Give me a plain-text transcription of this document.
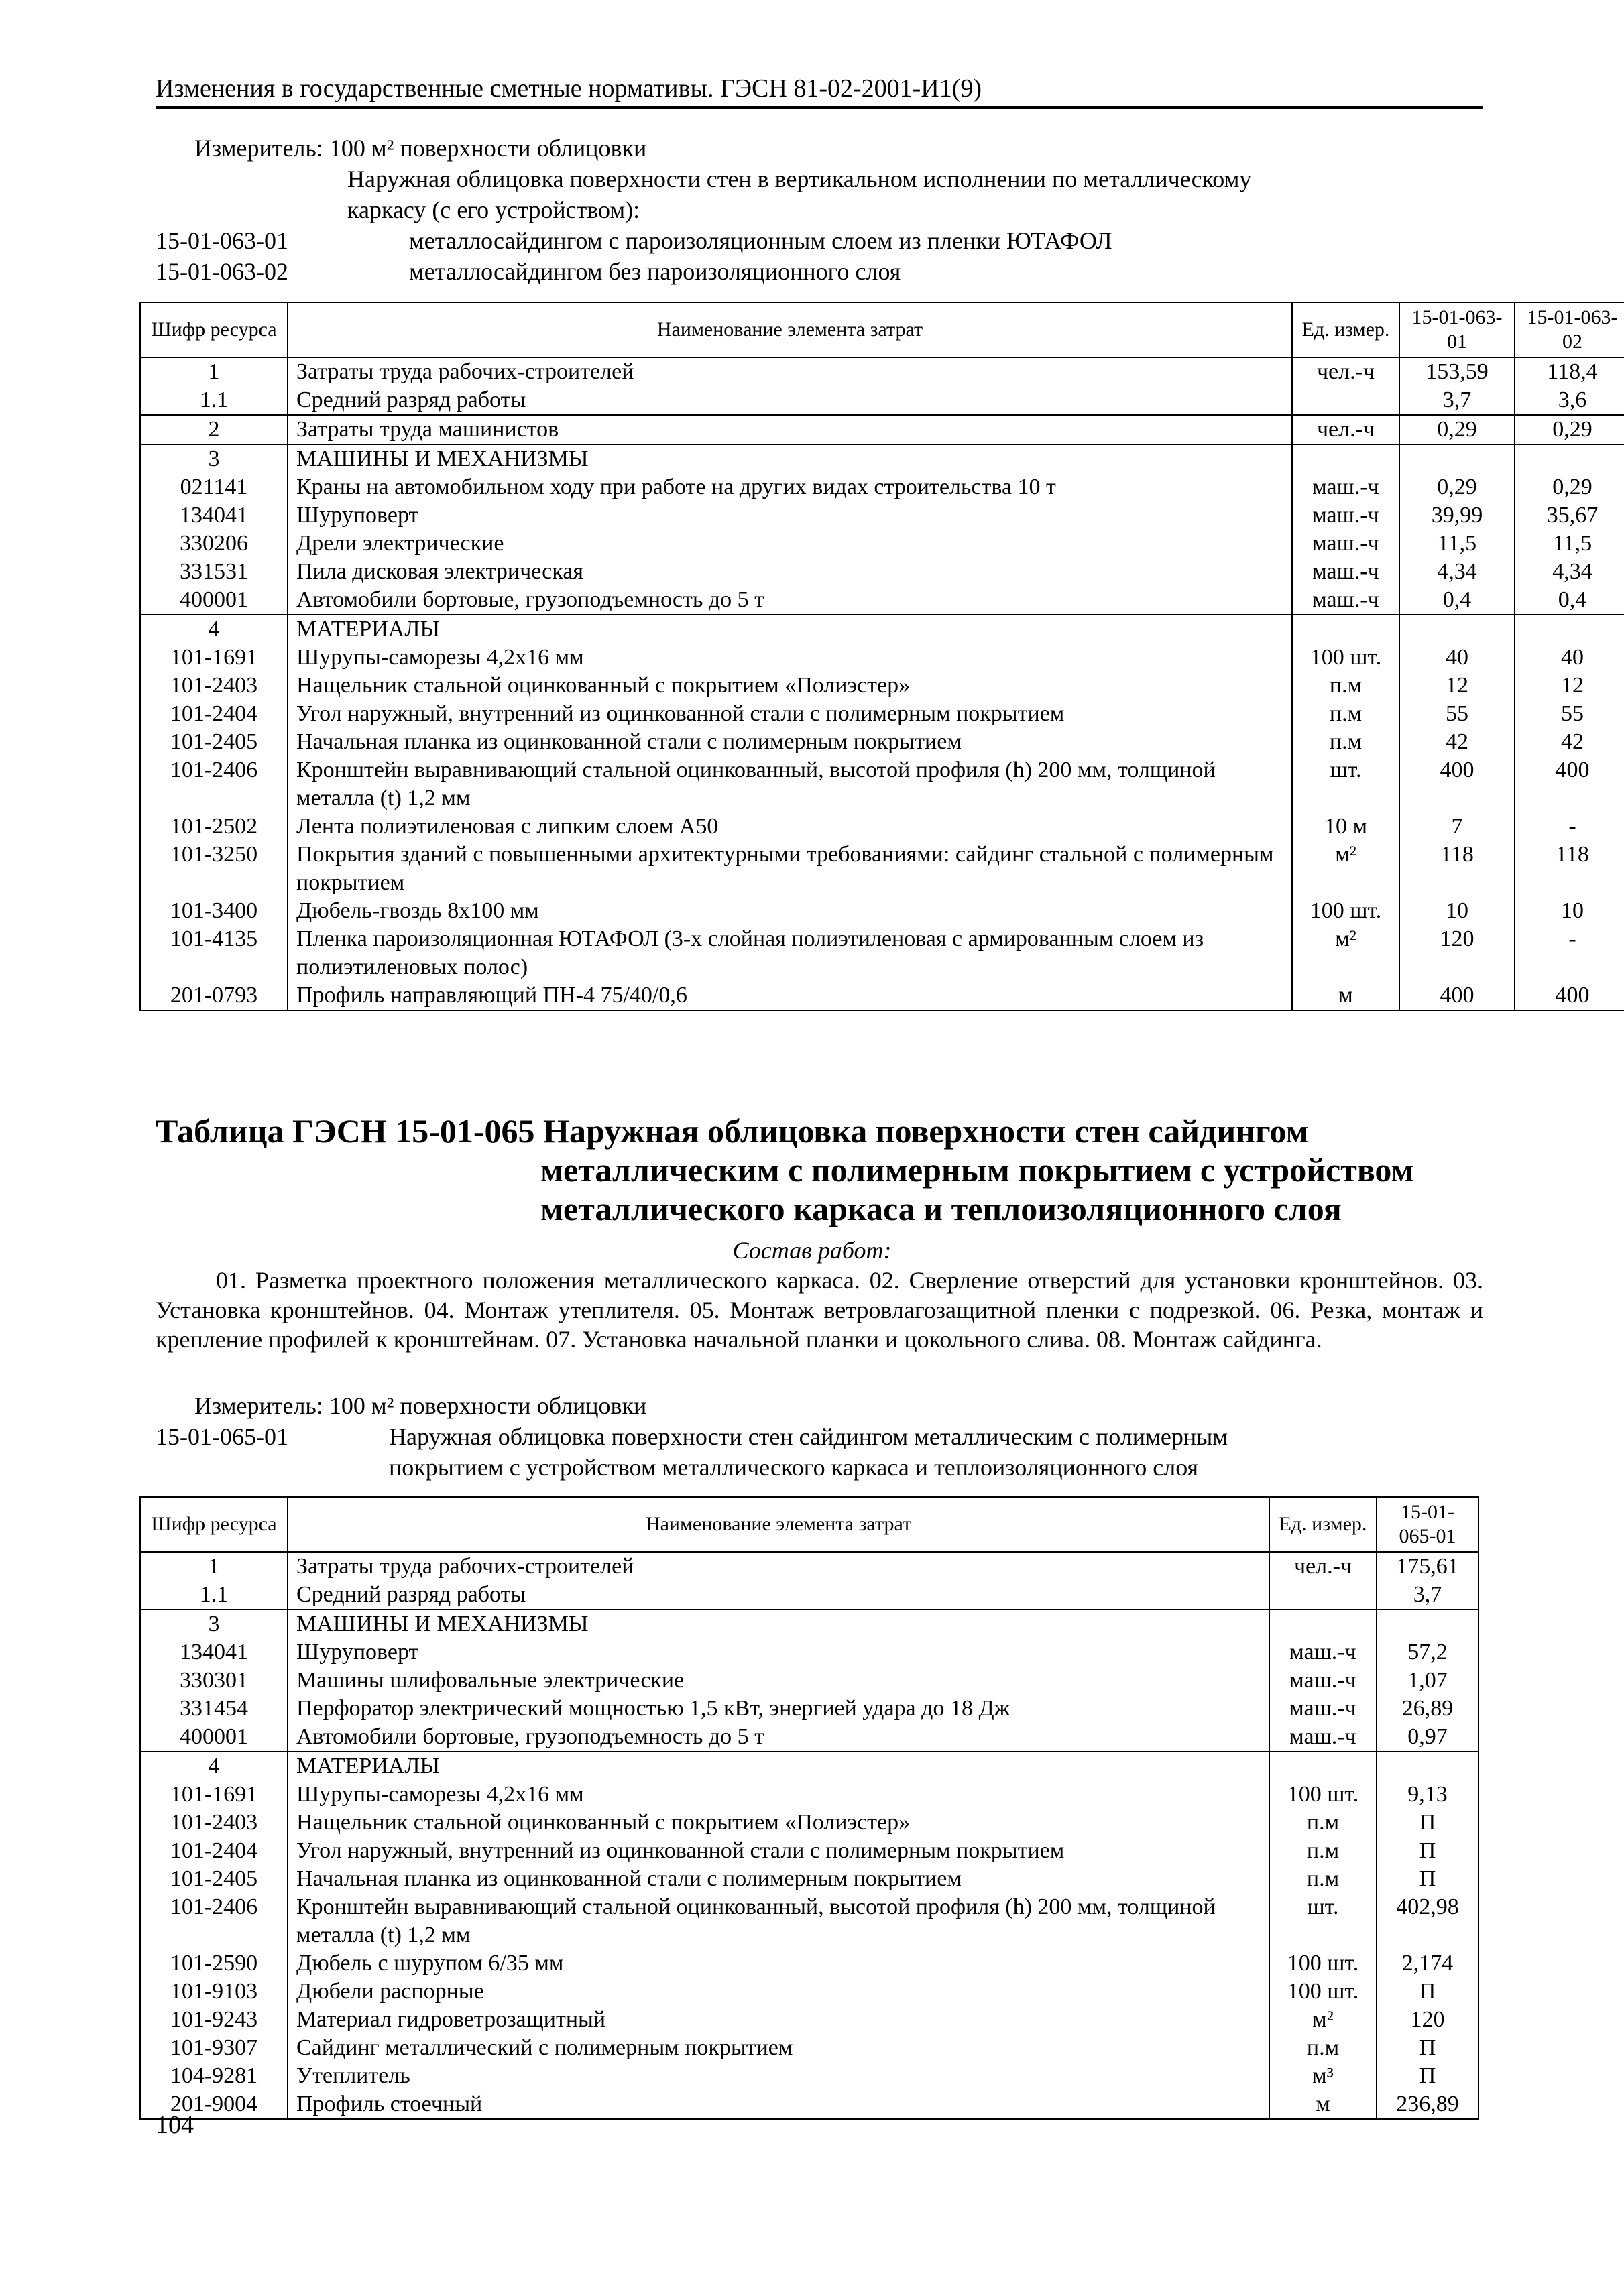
Изменения в государственные сметные нормативы. ГЭСН 81-02-2001-И1(9)
Измеритель: 100 м² поверхности облицовки
Наружная облицовка поверхности стен в вертикальном исполнении по металлическому
каркасу (с его устройством):
15-01-063-01	металлосайдингом с пароизоляционным слоем из пленки ЮТАФОЛ
15-01-063-02	металлосайдингом без пароизоляционного слоя
Шифр ресурса	Наименование элемента затрат	Ед. измер.	15-01-063-01	15-01-063-02
1	Затраты труда рабочих-строителей	чел.-ч	153,59	118,4
1.1	Средний разряд работы		3,7	3,6
2	Затраты труда машинистов	чел.-ч	0,29	0,29
3	МАШИНЫ И МЕХАНИЗМЫ			
021141	Краны на автомобильном ходу при работе на других видах строительства 10 т	маш.-ч	0,29	0,29
134041	Шуруповерт	маш.-ч	39,99	35,67
330206	Дрели электрические	маш.-ч	11,5	11,5
331531	Пила дисковая электрическая	маш.-ч	4,34	4,34
400001	Автомобили бортовые, грузоподъемность до 5 т	маш.-ч	0,4	0,4
4	МАТЕРИАЛЫ			
101-1691	Шурупы-саморезы 4,2x16 мм	100 шт.	40	40
101-2403	Нащельник стальной оцинкованный с покрытием «Полиэстер»	п.м	12	12
101-2404	Угол наружный, внутренний из оцинкованной стали с полимерным покрытием	п.м	55	55
101-2405	Начальная планка из оцинкованной стали с полимерным покрытием	п.м	42	42
101-2406	Кронштейн выравнивающий стальной оцинкованный, высотой профиля (h) 200 мм, толщиной металла (t) 1,2 мм	шт.	400	400
101-2502	Лента полиэтиленовая с липким слоем А50	10 м	7	-
101-3250	Покрытия зданий с повышенными архитектурными требованиями: сайдинг стальной с полимерным покрытием	м²	118	118
101-3400	Дюбель-гвоздь 8x100 мм	100 шт.	10	10
101-4135	Пленка пароизоляционная ЮТАФОЛ (3-х слойная полиэтиленовая с армированным слоем из полиэтиленовых полос)	м²	120	-
201-0793	Профиль направляющий ПН-4 75/40/0,6	м	400	400
Таблица ГЭСН 15-01-065 Наружная облицовка поверхности стен сайдингом
металлическим с полимерным покрытием с устройством
металлического каркаса и теплоизоляционного слоя
Состав работ:
01. Разметка проектного положения металлического каркаса. 02. Сверление отверстий для установки кронштейнов. 03. Установка кронштейнов. 04. Монтаж утеплителя. 05. Монтаж ветровлагозащитной пленки с подрезкой. 06. Резка, монтаж и крепление профилей к кронштейнам. 07. Установка начальной планки и цокольного слива. 08. Монтаж сайдинга.
Измеритель: 100 м² поверхности облицовки
15-01-065-01	Наружная облицовка поверхности стен сайдингом металлическим с полимерным
покрытием с устройством металлического каркаса и теплоизоляционного слоя
Шифр ресурса	Наименование элемента затрат	Ед. измер.	15-01-065-01
1	Затраты труда рабочих-строителей	чел.-ч	175,61
1.1	Средний разряд работы		3,7
3	МАШИНЫ И МЕХАНИЗМЫ		
134041	Шуруповерт	маш.-ч	57,2
330301	Машины шлифовальные электрические	маш.-ч	1,07
331454	Перфоратор электрический мощностью 1,5 кВт, энергией удара до 18 Дж	маш.-ч	26,89
400001	Автомобили бортовые, грузоподъемность до 5 т	маш.-ч	0,97
4	МАТЕРИАЛЫ		
101-1691	Шурупы-саморезы 4,2x16 мм	100 шт.	9,13
101-2403	Нащельник стальной оцинкованный с покрытием «Полиэстер»	п.м	П
101-2404	Угол наружный, внутренний из оцинкованной стали с полимерным покрытием	п.м	П
101-2405	Начальная планка из оцинкованной стали с полимерным покрытием	п.м	П
101-2406	Кронштейн выравнивающий стальной оцинкованный, высотой профиля (h) 200 мм, толщиной металла (t) 1,2 мм	шт.	402,98
101-2590	Дюбель с шурупом 6/35 мм	100 шт.	2,174
101-9103	Дюбели распорные	100 шт.	П
101-9243	Материал гидроветрозащитный	м²	120
101-9307	Сайдинг металлический с полимерным покрытием	п.м	П
104-9281	Утеплитель	м³	П
201-9004	Профиль стоечный	м	236,89
104
